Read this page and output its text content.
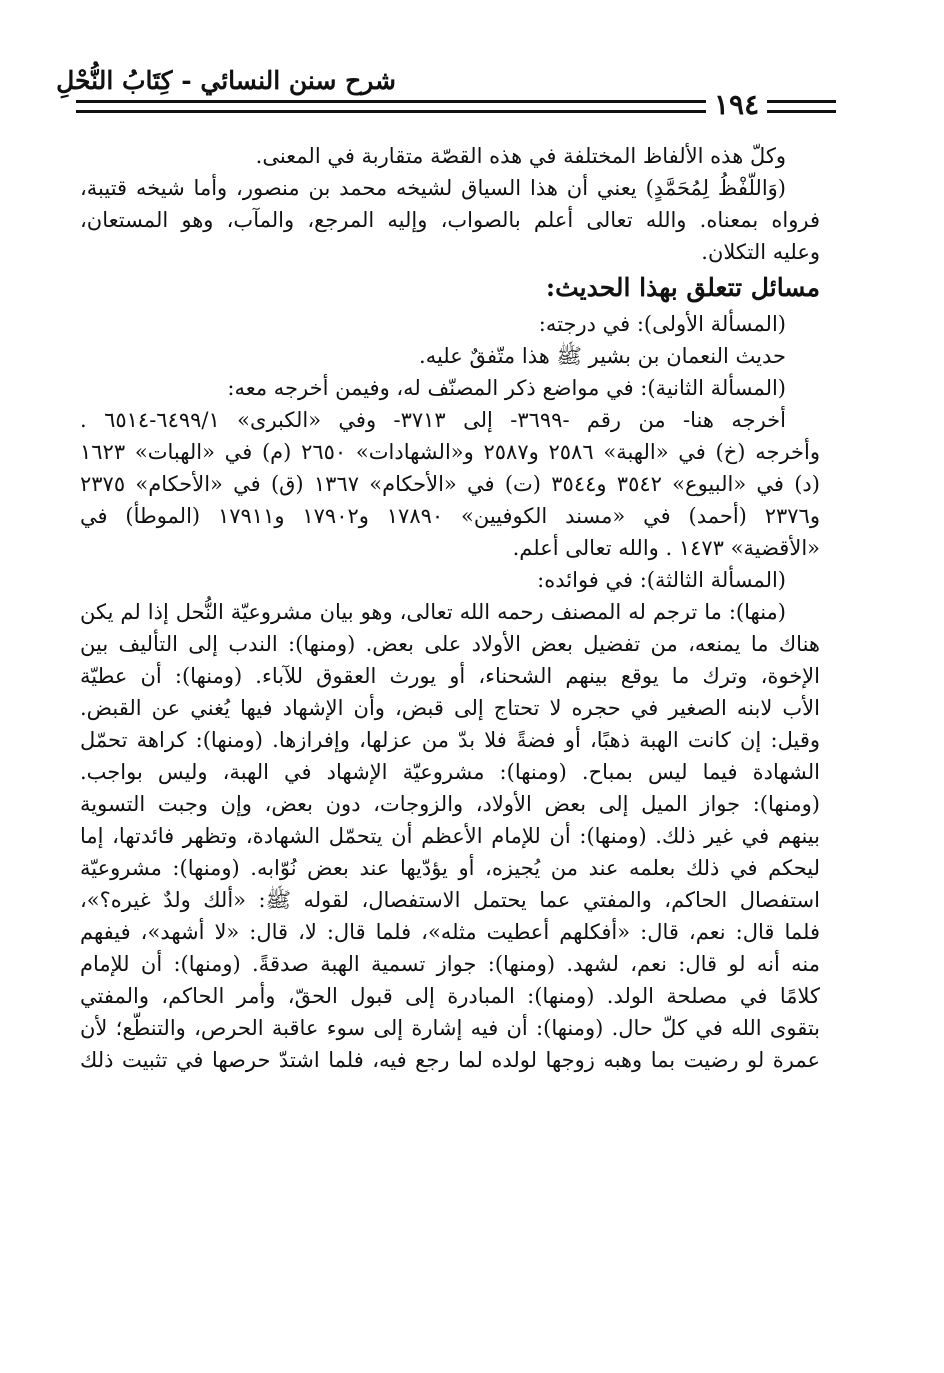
شرح سنن النسائي - كِتَابُ النُّحْلِ
١٩٤
وكلّ هذه الألفاظ المختلفة في هذه القصّة متقاربة في المعنى.
(وَاللَّفْظُ لِمُحَمَّدٍ) يعني أن هذا السياق لشيخه محمد بن منصور، وأما شيخه قتيبة،
فرواه بمعناه. والله تعالى أعلم بالصواب، وإليه المرجع، والمآب، وهو المستعان،
وعليه التكلان.
مسائل تتعلق بهذا الحديث:
(المسألة الأولى): في درجته:
حديث النعمان بن بشير ﷺ هذا متّفقٌ عليه.
(المسألة الثانية): في مواضع ذكر المصنّف له، وفيمن أخرجه معه:
أخرجه هنا- من رقم -٣٦٩٩- إلى ٣٧١٣- وفي «الكبرى» ٦٤٩٩/١-٦٥١٤ .
وأخرجه (خ) في «الهبة» ٢٥٨٦ و٢٥٨٧ و«الشهادات» ٢٦٥٠ (م) في «الهبات» ١٦٢٣
(د) في «البيوع» ٣٥٤٢ و٣٥٤٤ (ت) في «الأحكام» ١٣٦٧ (ق) في «الأحكام» ٢٣٧٥
و٢٣٧٦ (أحمد) في «مسند الكوفيين» ١٧٨٩٠ و١٧٩٠٢ و١٧٩١١ (الموطأ) في
«الأقضية» ١٤٧٣ . والله تعالى أعلم.
(المسألة الثالثة): في فوائده:
(منها): ما ترجم له المصنف رحمه الله تعالى، وهو بيان مشروعيّة النُّحل إذا لم يكن
هناك ما يمنعه، من تفضيل بعض الأولاد على بعض. (ومنها): الندب إلى التأليف بين
الإخوة، وترك ما يوقع بينهم الشحناء، أو يورث العقوق للآباء. (ومنها): أن عطيّة
الأب لابنه الصغير في حجره لا تحتاج إلى قبض، وأن الإشهاد فيها يُغني عن القبض.
وقيل: إن كانت الهبة ذهبًا، أو فضةً فلا بدّ من عزلها، وإفرازها. (ومنها): كراهة تحمّل
الشهادة فيما ليس بمباح. (ومنها): مشروعيّة الإشهاد في الهبة، وليس بواجب.
(ومنها): جواز الميل إلى بعض الأولاد، والزوجات، دون بعض، وإن وجبت التسوية
بينهم في غير ذلك. (ومنها): أن للإمام الأعظم أن يتحمّل الشهادة، وتظهر فائدتها، إما
ليحكم في ذلك بعلمه عند من يُجيزه، أو يؤدّيها عند بعض نُوّابه. (ومنها): مشروعيّة
استفصال الحاكم، والمفتي عما يحتمل الاستفصال، لقوله ﷺ: «ألك ولدٌ غيره؟»،
فلما قال: نعم، قال: «أفكلهم أعطيت مثله»، فلما قال: لا، قال: «لا أشهد»، فيفهم
منه أنه لو قال: نعم، لشهد. (ومنها): جواز تسمية الهبة صدقةً. (ومنها): أن للإمام
كلامًا في مصلحة الولد. (ومنها): المبادرة إلى قبول الحقّ، وأمر الحاكم، والمفتي
بتقوى الله في كلّ حال. (ومنها): أن فيه إشارة إلى سوء عاقبة الحرص، والتنطّع؛ لأن
عمرة لو رضيت بما وهبه زوجها لولده لما رجع فيه، فلما اشتدّ حرصها في تثبيت ذلك
